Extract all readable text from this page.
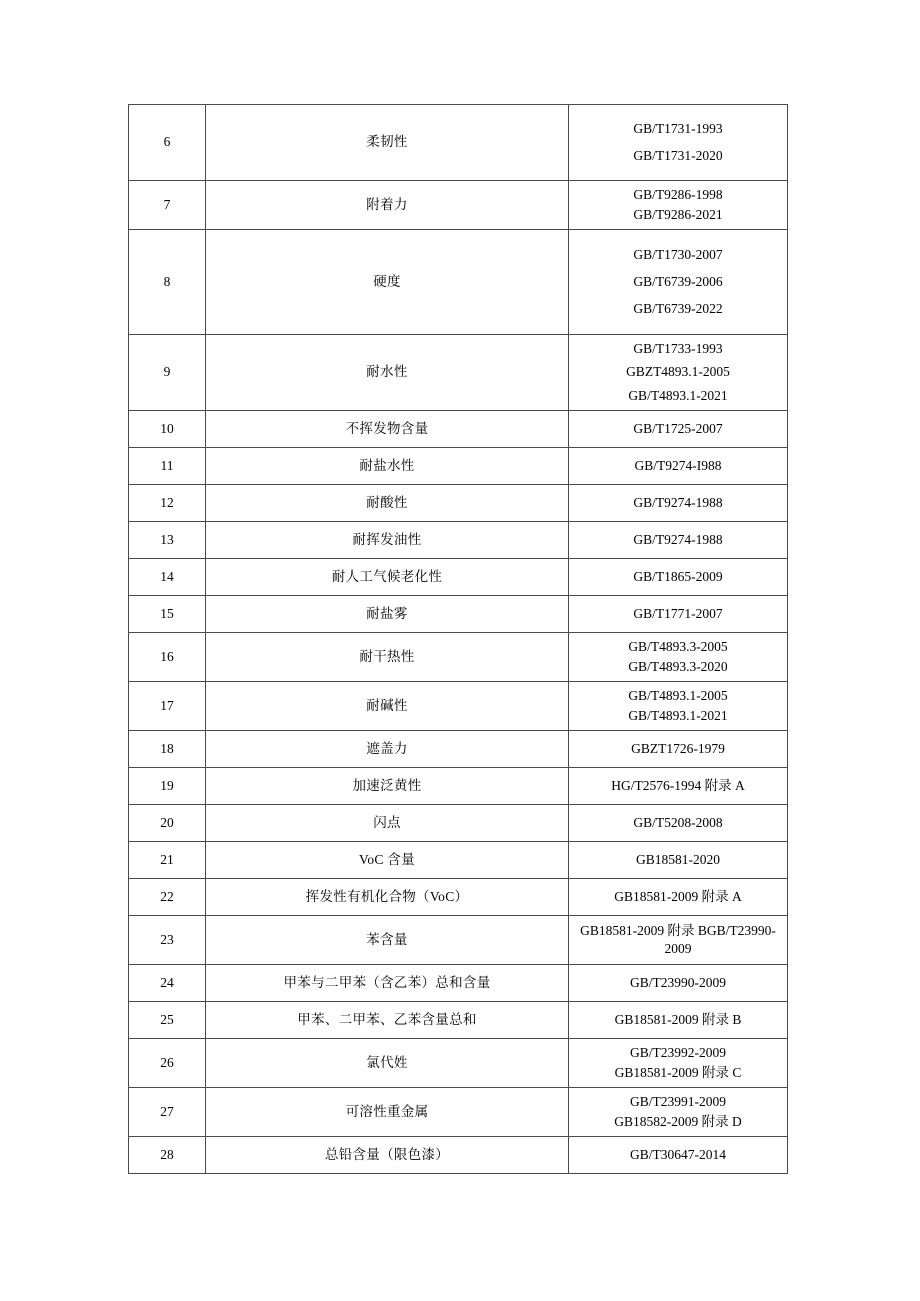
6	柔韧性	GB/T1731-1993
GB/T1731-2020

7	附着力	GB/T9286-1998
GB/T9286-2021

8	硬度	GB/T1730-2007
GB/T6739-2006
GB/T6739-2022

9	耐水性	GB/T1733-1993
GBZT4893.1-2005
GB/T4893.1-2021

10	不挥发物含量	GB/T1725-2007

11	耐盐水性	GB/T9274-I988

12	耐酸性	GB/T9274-1988

13	耐挥发油性	GB/T9274-1988

14	耐人工气候老化性	GB/T1865-2009

15	耐盐雾	GB/T1771-2007

16	耐干热性	GB/T4893.3-2005
GB/T4893.3-2020

17	耐碱性	GB/T4893.1-2005
GB/T4893.1-2021

18	遮盖力	GBZT1726-1979

19	加速泛黄性	HG/T2576-1994 附录 A

20	闪点	GB/T5208-2008

21	VoC 含量	GB18581-2020

22	挥发性有机化合物（VoC）	GB18581-2009 附录 A

23	苯含量	GB18581-2009 附录 BGB/T23990-2009

24	甲苯与二甲苯（含乙苯）总和含量	GB/T23990-2009

25	甲苯、二甲苯、乙苯含量总和	GB18581-2009 附录 B

26	氯代姓	GB/T23992-2009
GB18581-2009 附录 C

27	可溶性重金属	GB/T23991-2009
GB18582-2009 附录 D

28	总铅含量（限色漆）	GB/T30647-2014
